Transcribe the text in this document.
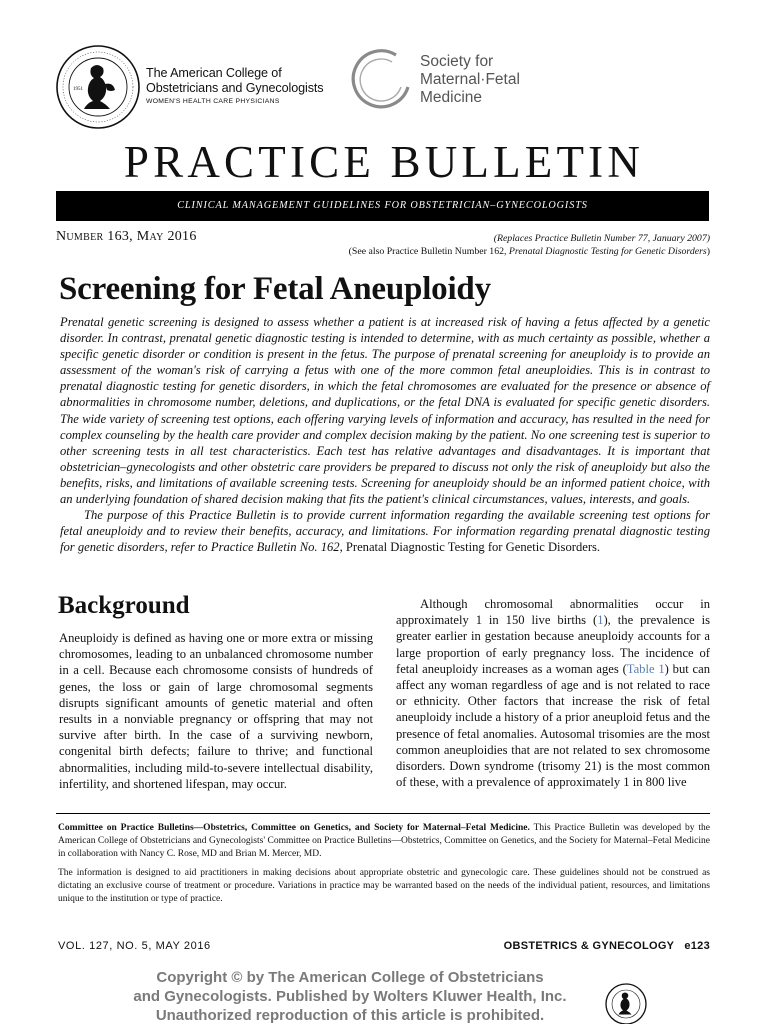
1951
The American College of
Obstetricians and Gynecologists
WOMEN'S HEALTH CARE PHYSICIANS
Society for
Maternal·Fetal
Medicine
PRACTICE BULLETIN
CLINICAL MANAGEMENT GUIDELINES FOR OBSTETRICIAN–GYNECOLOGISTS
Number 163, May 2016	(Replaces Practice Bulletin Number 77, January 2007)
(See also Practice Bulletin Number 162, Prenatal Diagnostic Testing for Genetic Disorders)
Screening for Fetal Aneuploidy

Prenatal genetic screening is designed to assess whether a patient is at increased risk of having a fetus affected by a genetic disorder. In contrast, prenatal genetic diagnostic testing is intended to determine, with as much certainty as possible, whether a specific genetic disorder or condition is present in the fetus. The purpose of prenatal screening for aneuploidy is to provide an assessment of the woman's risk of carrying a fetus with one of the more common fetal aneuploidies. This is in contrast to prenatal diagnostic testing for genetic disorders, in which the fetal chromosomes are evaluated for the presence or absence of abnormalities in chromosome number, deletions, and duplications, or the fetal DNA is evaluated for specific genetic disorders. The wide variety of screening test options, each offering varying levels of information and accuracy, has resulted in the need for complex counseling by the health care provider and complex decision making by the patient. No one screening test is superior to other screening tests in all test characteristics. Each test has relative advantages and disadvantages. It is important that obstetrician–gynecologists and other obstetric care providers be prepared to discuss not only the risk of aneuploidy but also the benefits, risks, and limitations of available screening tests. Screening for aneuploidy should be an informed patient choice, with an underlying foundation of shared decision making that fits the patient's clinical circumstances, values, interests, and goals.

The purpose of this Practice Bulletin is to provide current information regarding the available screening test options for fetal aneuploidy and to review their benefits, accuracy, and limitations. For information regarding prenatal diagnostic testing for genetic disorders, refer to Practice Bulletin No. 162, Prenatal Diagnostic Testing for Genetic Disorders.

Background
Aneuploidy is defined as having one or more extra or missing chromosomes, leading to an unbalanced chromosome number in a cell. Because each chromosome consists of hundreds of genes, the loss or gain of large chromosomal segments disrupts significant amounts of genetic material and often results in a nonviable pregnancy or offspring that may not survive after birth. In the case of a surviving newborn, congenital birth defects; failure to thrive; and functional abnormalities, including mild-to-severe intellectual disability, infertility, and shortened lifespan, may occur.
Although chromosomal abnormalities occur in approximately 1 in 150 live births (1), the prevalence is greater earlier in gestation because aneuploidy accounts for a large proportion of early pregnancy loss. The incidence of fetal aneuploidy increases as a woman ages (Table 1) but can affect any woman regardless of age and is not related to race or ethnicity. Other factors that increase the risk of fetal aneuploidy include a history of a prior aneuploid fetus and the presence of fetal anomalies. Autosomal trisomies are the most common aneuploidies that are not related to sex chromosome disorders. Down syndrome (trisomy 21) is the most common of these, with a prevalence of approximately 1 in 800 live
Committee on Practice Bulletins—Obstetrics, Committee on Genetics, and Society for Maternal–Fetal Medicine. This Practice Bulletin was developed by the American College of Obstetricians and Gynecologists' Committee on Practice Bulletins—Obstetrics, Committee on Genetics, and the Society for Maternal–Fetal Medicine in collaboration with Nancy C. Rose, MD and Brian M. Mercer, MD.
The information is designed to aid practitioners in making decisions about appropriate obstetric and gynecologic care. These guidelines should not be construed as dictating an exclusive course of treatment or procedure. Variations in practice may be warranted based on the needs of the individual patient, resources, and limitations unique to the institution or type of practice.
VOL. 127, NO. 5, MAY 2016	OBSTETRICS & GYNECOLOGY e123
Copyright © by The American College of Obstetricians
and Gynecologists. Published by Wolters Kluwer Health, Inc.
Unauthorized reproduction of this article is prohibited.
